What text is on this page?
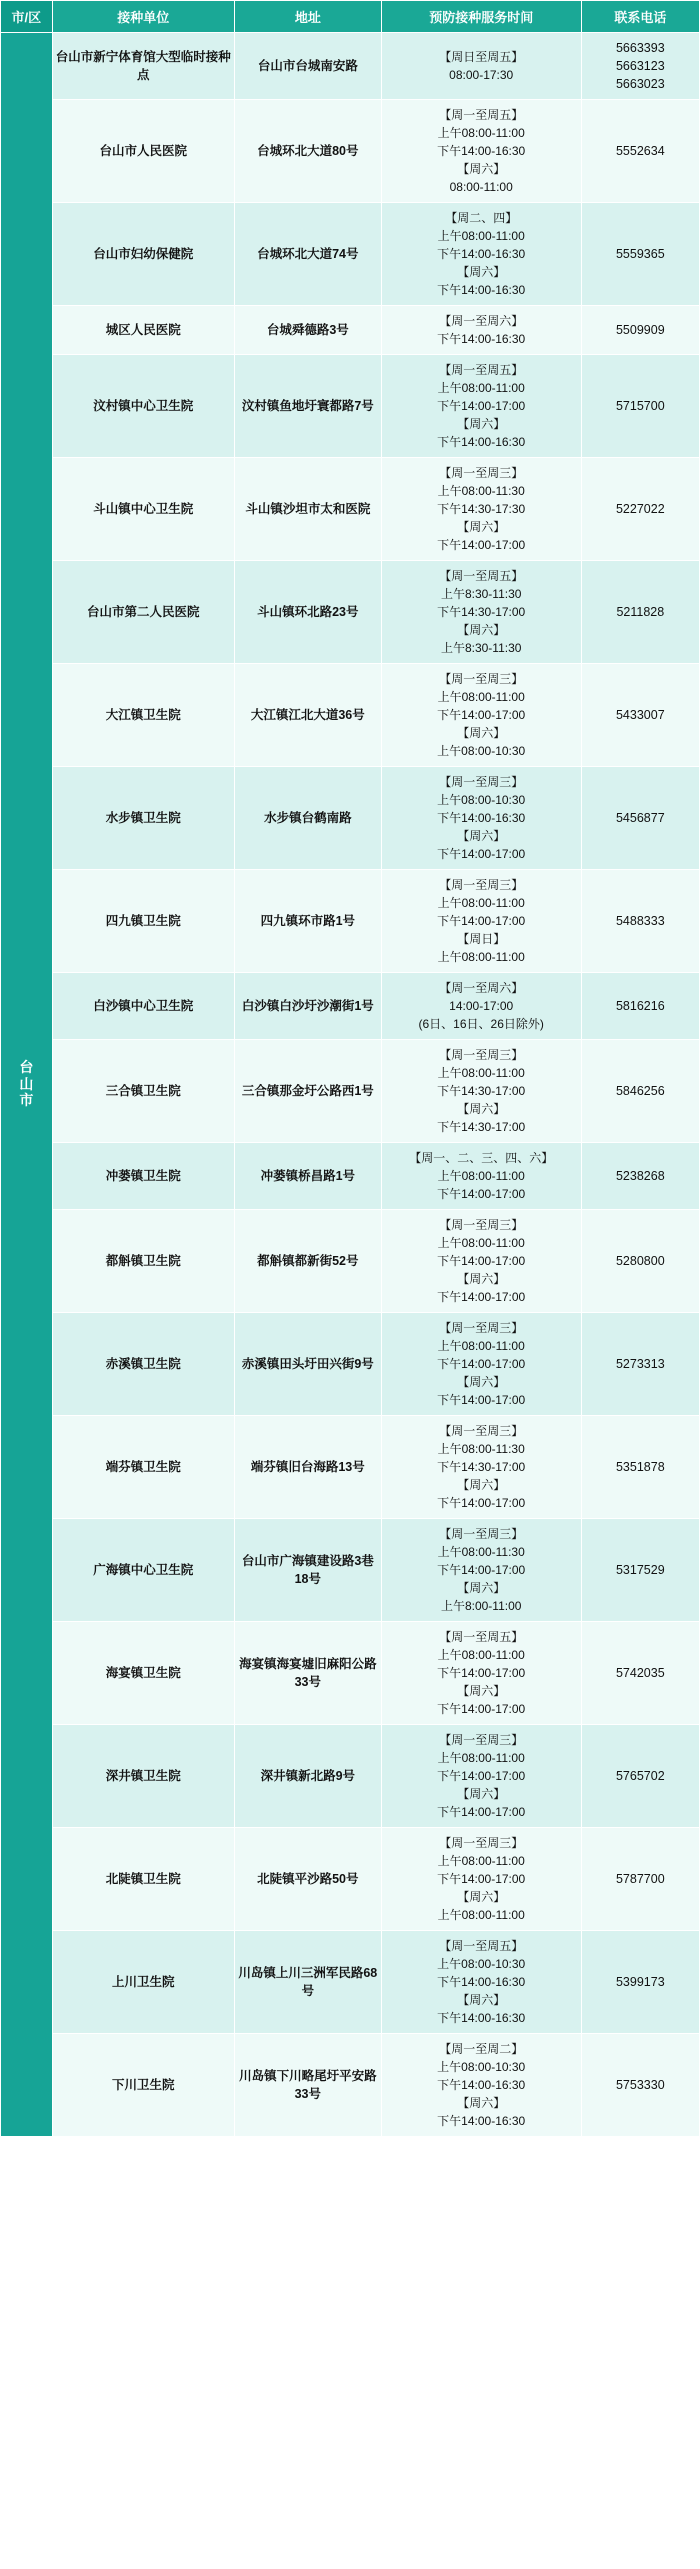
市/区	接种单位	地址	预防接种服务时间	联系电话
台山市	台山市新宁体育馆大型临时接种点	台山市台城南安路	【周日至周五】
08:00-17:30	5663393
5663123
5663023

	台山市人民医院	台城环北大道80号	【周一至周五】
上午08:00-11:00
下午14:00-16:30
【周六】
08:00-11:00	5552634

	台山市妇幼保健院	台城环北大道74号	【周二、四】
上午08:00-11:00
下午14:00-16:30
【周六】
下午14:00-16:30	5559365

	城区人民医院	台城舜德路3号	【周一至周六】
下午14:00-16:30	5509909

	汶村镇中心卫生院	汶村镇鱼地圩寰都路7号	【周一至周五】
上午08:00-11:00
下午14:00-17:00
【周六】
下午14:00-16:30	5715700

	斗山镇中心卫生院	斗山镇沙坦市太和医院	【周一至周三】
上午08:00-11:30
下午14:30-17:30
【周六】
下午14:00-17:00	5227022

	台山市第二人民医院	斗山镇环北路23号	【周一至周五】
上午8:30-11:30
下午14:30-17:00
【周六】
上午8:30-11:30	5211828

	大江镇卫生院	大江镇江北大道36号	【周一至周三】
上午08:00-11:00
下午14:00-17:00
【周六】
上午08:00-10:30	5433007

	水步镇卫生院	水步镇台鹤南路	【周一至周三】
上午08:00-10:30
下午14:00-16:30
【周六】
下午14:00-17:00	5456877

	四九镇卫生院	四九镇环市路1号	【周一至周三】
上午08:00-11:00
下午14:00-17:00
【周日】
上午08:00-11:00	5488333

	白沙镇中心卫生院	白沙镇白沙圩沙潮街1号	【周一至周六】
14:00-17:00
(6日、16日、26日除外)	5816216

	三合镇卫生院	三合镇那金圩公路西1号	【周一至周三】
上午08:00-11:00
下午14:30-17:00
【周六】
下午14:30-17:00	5846256

	冲蒌镇卫生院	冲蒌镇桥昌路1号	【周一、二、三、四、六】
上午08:00-11:00
下午14:00-17:00	5238268

	都斛镇卫生院	都斛镇都新街52号	【周一至周三】
上午08:00-11:00
下午14:00-17:00
【周六】
下午14:00-17:00	5280800

	赤溪镇卫生院	赤溪镇田头圩田兴街9号	【周一至周三】
上午08:00-11:00
下午14:00-17:00
【周六】
下午14:00-17:00	5273313

	端芬镇卫生院	端芬镇旧台海路13号	【周一至周三】
上午08:00-11:30
下午14:30-17:00
【周六】
下午14:00-17:00	5351878

	广海镇中心卫生院	台山市广海镇建设路3巷18号	【周一至周三】
上午08:00-11:30
下午14:00-17:00
【周六】
上午8:00-11:00	5317529

	海宴镇卫生院	海宴镇海宴墟旧麻阳公路33号	【周一至周五】
上午08:00-11:00
下午14:00-17:00
【周六】
下午14:00-17:00	5742035

	深井镇卫生院	深井镇新北路9号	【周一至周三】
上午08:00-11:00
下午14:00-17:00
【周六】
下午14:00-17:00	5765702

	北陡镇卫生院	北陡镇平沙路50号	【周一至周三】
上午08:00-11:00
下午14:00-17:00
【周六】
上午08:00-11:00	5787700

	上川卫生院	川岛镇上川三洲军民路68号	【周一至周五】
上午08:00-10:30
下午14:00-16:30
【周六】
下午14:00-16:30	5399173

	下川卫生院	川岛镇下川略尾圩平安路33号	【周一至周二】
上午08:00-10:30
下午14:00-16:30
【周六】
下午14:00-16:30	5753330
